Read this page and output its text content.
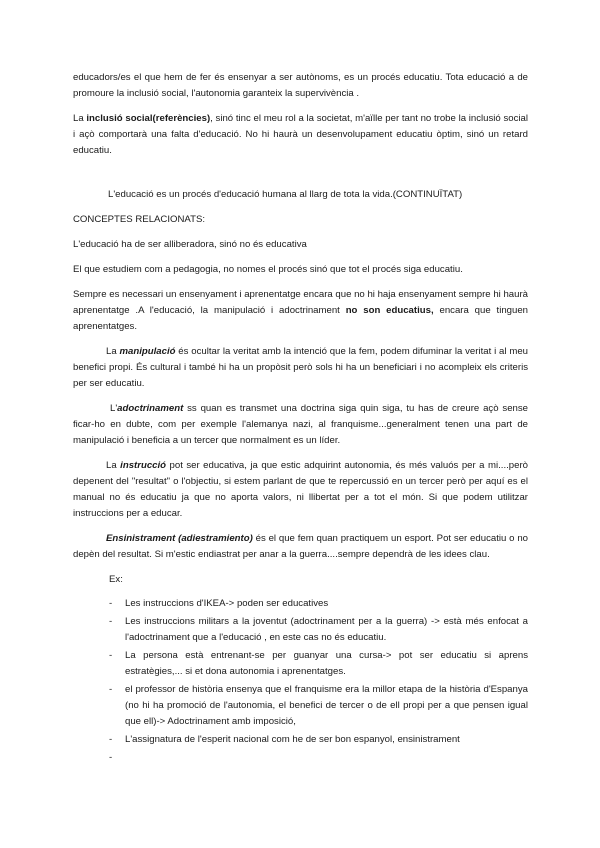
educadors/es el que hem de fer és ensenyar a ser autònoms, es un procés educatiu. Tota educació a de promoure la inclusió social, l'autonomia garanteix la supervivència .

La inclusió social(referències), sinó tinc el meu rol a la societat, m'aïlle per tant no trobe la inclusió social i açò comportarà una falta d'educació. No hi haurà un desenvolupament educatiu òptim, sinó un retard educatiu.

L'educació es un procés d'educació humana al llarg de tota la vida.(CONTINUÏTAT)

CONCEPTES RELACIONATS:

L'educació ha de ser alliberadora, sinó no és educativa

El que estudiem com a pedagogia, no nomes el procés sinó que tot el procés siga educatiu.

Sempre es necessari un ensenyament i aprenentatge encara que no hi haja ensenyament sempre hi haurà aprenentatge .A l'educació, la manipulació i adoctrinament no son educatius, encara que tinguen aprenentatges.

La manipulació és ocultar la veritat amb la intenció que la fem, podem difuminar la veritat i al meu benefici propi. És cultural i també hi ha un propòsit però sols hi ha un beneficiari i no acompleix els criteris per ser educatiu.

L'adoctrinament ss quan es transmet una doctrina siga quin siga, tu has de creure açò sense ficar-ho en dubte, com per exemple l'alemanya nazi, al franquisme...generalment tenen una part de manipulació i beneficia a un tercer que normalment es un líder.

La instrucció pot ser educativa, ja que estic adquirint autonomia, és més valuós per a mi....però depenent del "resultat" o l'objectiu, si estem parlant de que te repercussió en un tercer però per aquí es el manual no és educatiu ja que no aporta valors, ni llibertat per a tot el món. Si que podem utilitzar instruccions per a educar.

Ensinistrament (adiestramiento) és el que fem quan practiquem un esport. Pot ser educatiu o no depèn del resultat. Si m'estic endiastrat per anar a la guerra....sempre dependrà de les idees clau.

Ex:

- Les instruccions d'IKEA-> poden ser educatives
- Les instruccions militars a la joventut (adoctrinament per a la guerra) -> està més enfocat a l'adoctrinament que a l'educació , en este cas no és educatiu.
- La persona està entrenant-se per guanyar una cursa-> pot ser educatiu si aprens estratègies,... si et dona autonomia i aprenentatges.
- el professor de història ensenya que el franquisme era la millor etapa de la història d'Espanya (no hi ha promoció de l'autonomia, el benefici de tercer o de ell propi per a que pensen igual que ell)-> Adoctrinament amb imposició,
- L'assignatura de l'esperit nacional com he de ser bon espanyol, ensinistrament
-
